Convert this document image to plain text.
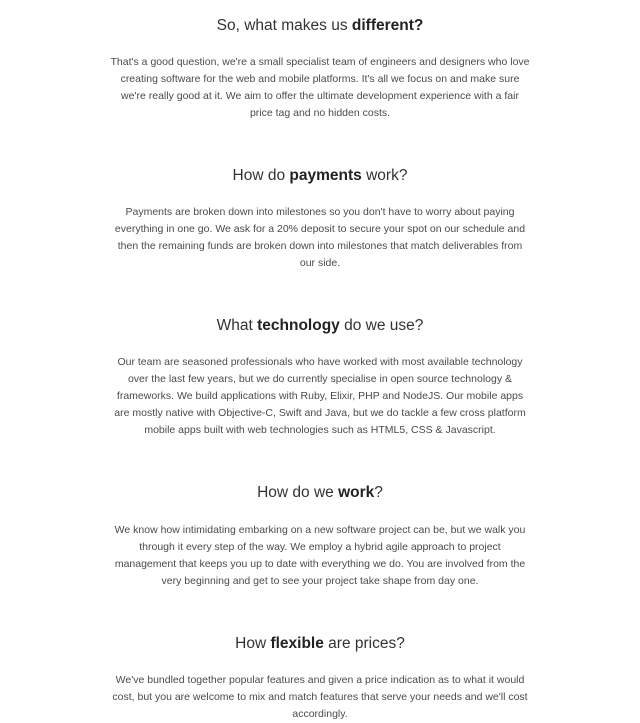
So, what makes us different?

That's a good question, we're a small specialist team of engineers and designers who love creating software for the web and mobile platforms. It's all we focus on and make sure we're really good at it. We aim to offer the ultimate development experience with a fair price tag and no hidden costs.

How do payments work?

Payments are broken down into milestones so you don't have to worry about paying everything in one go. We ask for a 20% deposit to secure your spot on our schedule and then the remaining funds are broken down into milestones that match deliverables from our side.

What technology do we use?

Our team are seasoned professionals who have worked with most available technology over the last few years, but we do currently specialise in open source technology & frameworks. We build applications with Ruby, Elixir, PHP and NodeJS. Our mobile apps are mostly native with Objective-C, Swift and Java, but we do tackle a few cross platform mobile apps built with web technologies such as HTML5, CSS & Javascript.

How do we work?

We know how intimidating embarking on a new software project can be, but we walk you through it every step of the way. We employ a hybrid agile approach to project management that keeps you up to date with everything we do. You are involved from the very beginning and get to see your project take shape from day one.

How flexible are prices?

We've bundled together popular features and given a price indication as to what it would cost, but you are welcome to mix and match features that serve your needs and we'll cost accordingly.
